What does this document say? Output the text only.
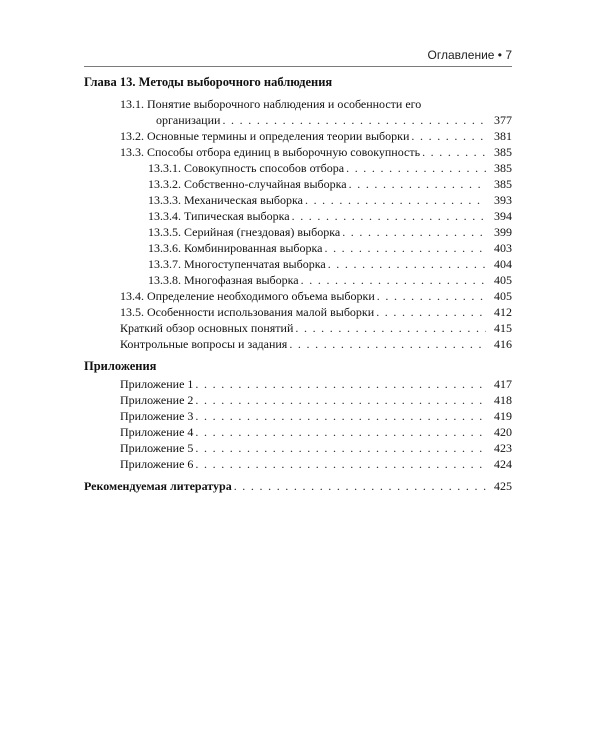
Оглавление • 7
Глава 13. Методы выборочного наблюдения
13.1. Понятие выборочного наблюдения и особенности его
организации . . .	377
13.2. Основные термины и определения теории выборки . . .	381
13.3. Способы отбора единиц в выборочную совокупность . . .	385
13.3.1. Совокупность способов отбора . . .	385
13.3.2. Собственно-случайная выборка . . .	385
13.3.3. Механическая выборка . . .	393
13.3.4. Типическая выборка . . .	394
13.3.5. Серийная (гнездовая) выборка . . .	399
13.3.6. Комбинированная выборка . . .	403
13.3.7. Многоступенчатая выборка . . .	404
13.3.8. Многофазная выборка . . .	405
13.4. Определение необходимого объема выборки . . .	405
13.5. Особенности использования малой выборки . . .	412
Краткий обзор основных понятий . . .	415
Контрольные вопросы и задания . . .	416
Приложения
Приложение 1 . . .	417
Приложение 2 . . .	418
Приложение 3 . . .	419
Приложение 4 . . .	420
Приложение 5 . . .	423
Приложение 6 . . .	424
Рекомендуемая литература . . .	425
